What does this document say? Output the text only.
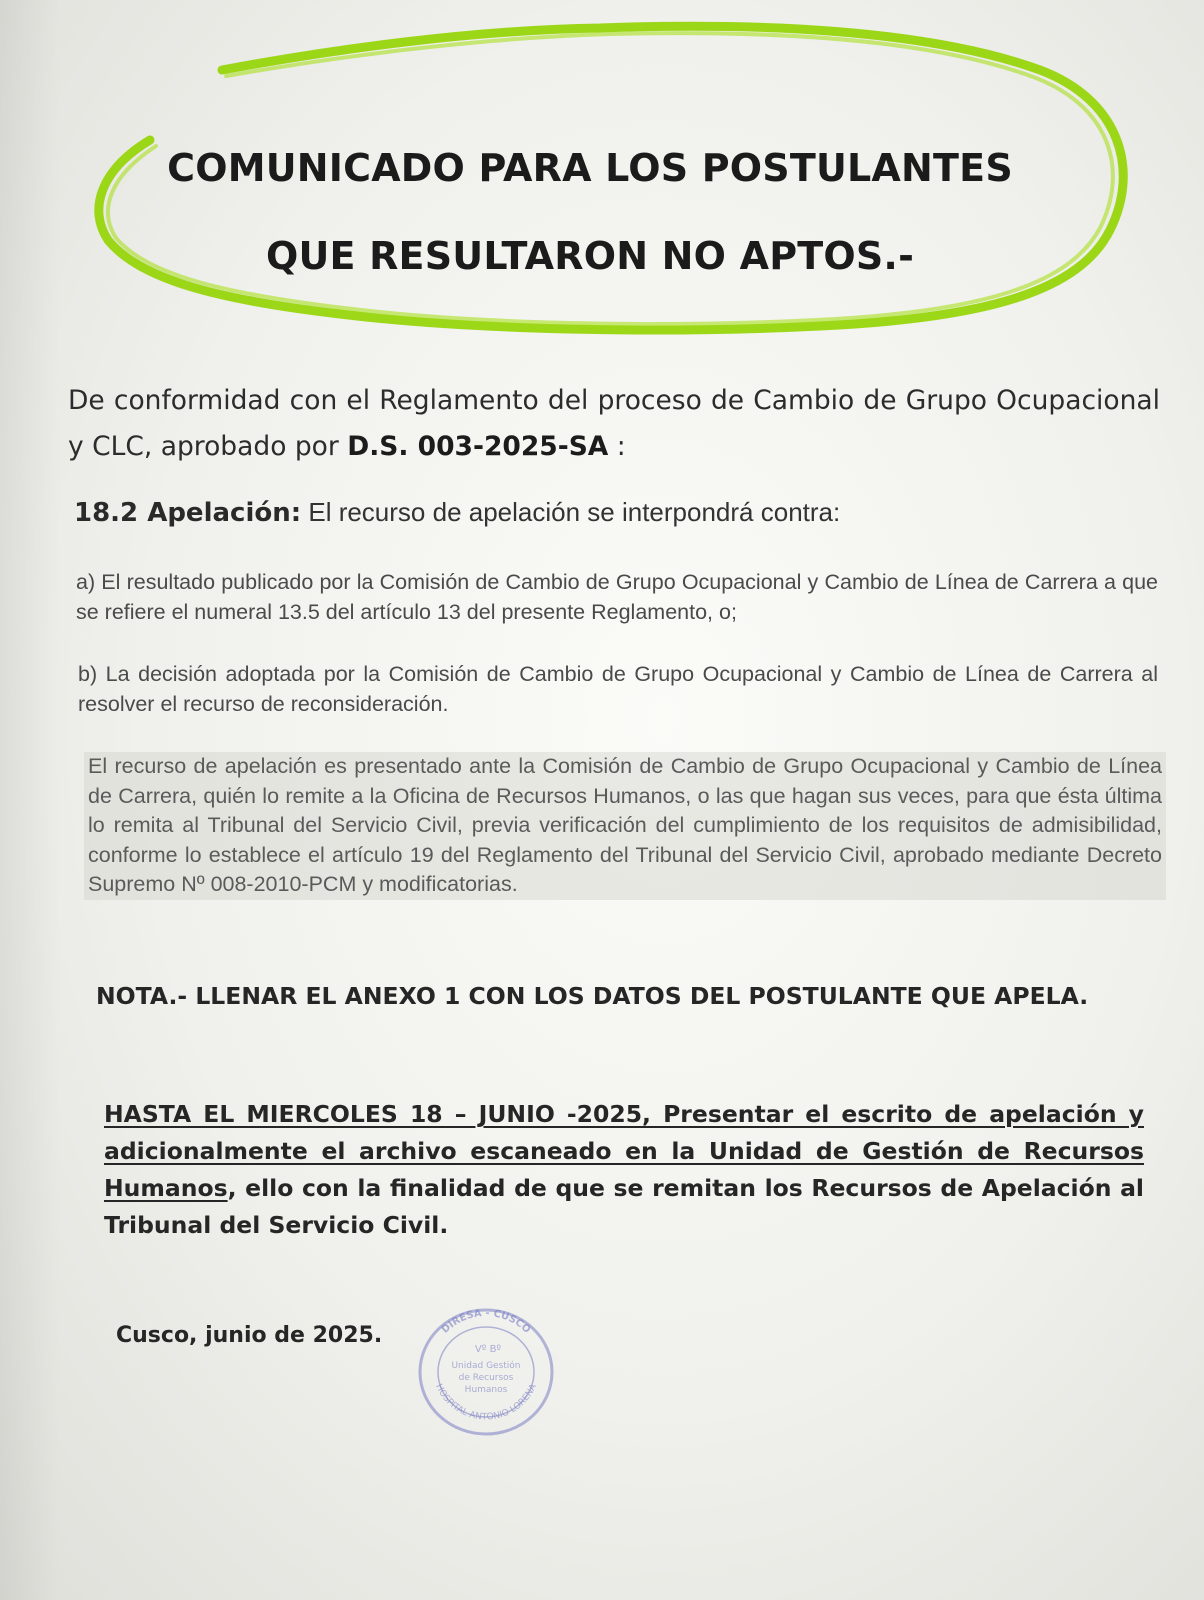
COMUNICADO PARA LOS POSTULANTES
QUE RESULTARON NO APTOS.-
De conformidad con el Reglamento del proceso de Cambio de Grupo Ocupacional y CLC, aprobado por D.S. 003-2025-SA :
18.2 Apelación: El recurso de apelación se interpondrá contra:
a) El resultado publicado por la Comisión de Cambio de Grupo Ocupacional y Cambio de Línea de Carrera a que se refiere el numeral 13.5 del artículo 13 del presente Reglamento, o;
b) La decisión adoptada por la Comisión de Cambio de Grupo Ocupacional y Cambio de Línea de Carrera al resolver el recurso de reconsideración.
El recurso de apelación es presentado ante la Comisión de Cambio de Grupo Ocupacional y Cambio de Línea de Carrera, quién lo remite a la Oficina de Recursos Humanos, o las que hagan sus veces, para que ésta última lo remita al Tribunal del Servicio Civil, previa verificación del cumplimiento de los requisitos de admisibilidad, conforme lo establece el artículo 19 del Reglamento del Tribunal del Servicio Civil, aprobado mediante Decreto Supremo Nº 008-2010-PCM y modificatorias.
NOTA.- LLENAR EL ANEXO 1 CON LOS DATOS DEL POSTULANTE QUE APELA.
HASTA EL MIERCOLES 18 – JUNIO -2025, Presentar el escrito de apelación y adicionalmente el archivo escaneado en la Unidad de Gestión de Recursos Humanos, ello con la finalidad de que se remitan los Recursos de Apelación al Tribunal del Servicio Civil.
Cusco, junio de 2025.	DIRESA - CUSCO
HOSPITAL ANTONIO LORENA
Vº Bº
Unidad Gestión
de Recursos
Humanos
